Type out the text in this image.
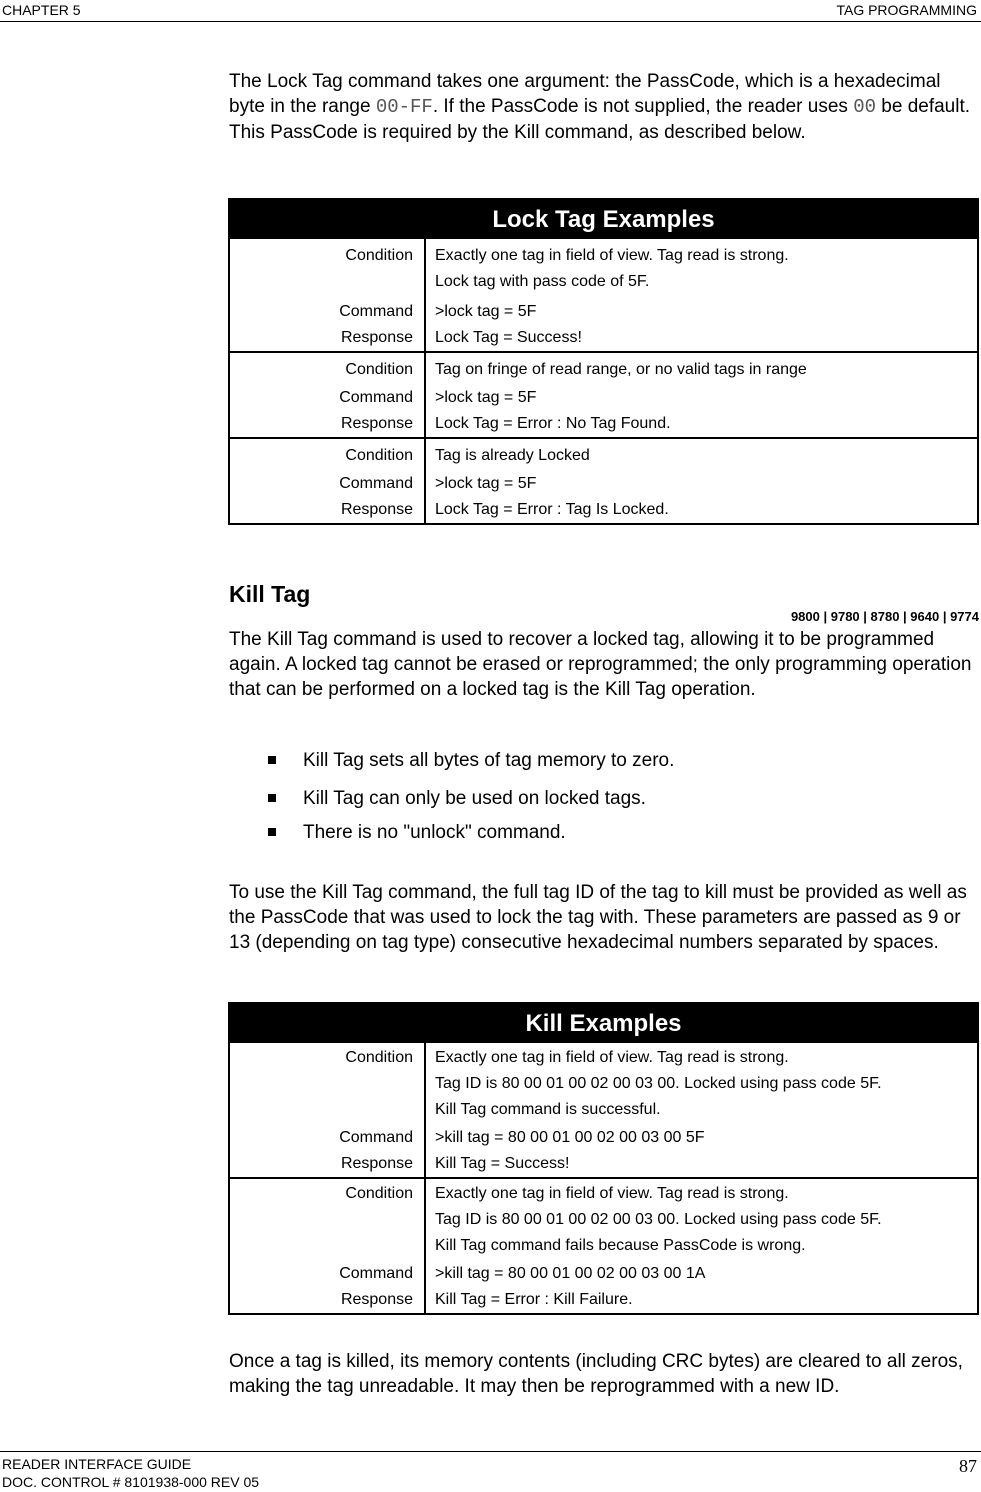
CHAPTER 5	TAG PROGRAMMING
The Lock Tag command takes one argument: the PassCode, which is a hexadecimal byte in the range 00-FF. If the PassCode is not supplied, the reader uses 00 be default. This PassCode is required by the Kill command, as described below.
Lock Tag Examples	

Condition	Exactly one tag in field of view. Tag read is strong.
Lock tag with pass code of 5F.

Command	>lock tag = 5F

Response	Lock Tag = Success!

Condition	Tag on fringe of read range, or no valid tags in range

Command	>lock tag = 5F

Response	Lock Tag = Error : No Tag Found.

Condition	Tag is already Locked

Command	>lock tag = 5F

Response	Lock Tag = Error : Tag Is Locked.
Kill Tag
9800 | 9780 | 8780 | 9640 | 9774
The Kill Tag command is used to recover a locked tag, allowing it to be programmed again. A locked tag cannot be erased or reprogrammed; the only programming operation that can be performed on a locked tag is the Kill Tag operation.
Kill Tag sets all bytes of tag memory to zero.
Kill Tag can only be used on locked tags.
There is no "unlock" command.
To use the Kill Tag command, the full tag ID of the tag to kill must be provided as well as the PassCode that was used to lock the tag with. These parameters are passed as 9 or 13 (depending on tag type) consecutive hexadecimal numbers separated by spaces.
Kill Examples	

Condition	Exactly one tag in field of view. Tag read is strong.
Tag ID is 80 00 01 00 02 00 03 00. Locked using pass code 5F.
Kill Tag command is successful.

Command	>kill tag = 80 00 01 00 02 00 03 00 5F

Response	Kill Tag = Success!

Condition	Exactly one tag in field of view. Tag read is strong.
Tag ID is 80 00 01 00 02 00 03 00. Locked using pass code 5F.
Kill Tag command fails because PassCode is wrong.

Command	>kill tag = 80 00 01 00 02 00 03 00 1A

Response	Kill Tag = Error : Kill Failure.
Once a tag is killed, its memory contents (including CRC bytes) are cleared to all zeros, making the tag unreadable. It may then be reprogrammed with a new ID.
READER INTERFACE GUIDE
DOC. CONTROL # 8101938-000 REV 05
87
